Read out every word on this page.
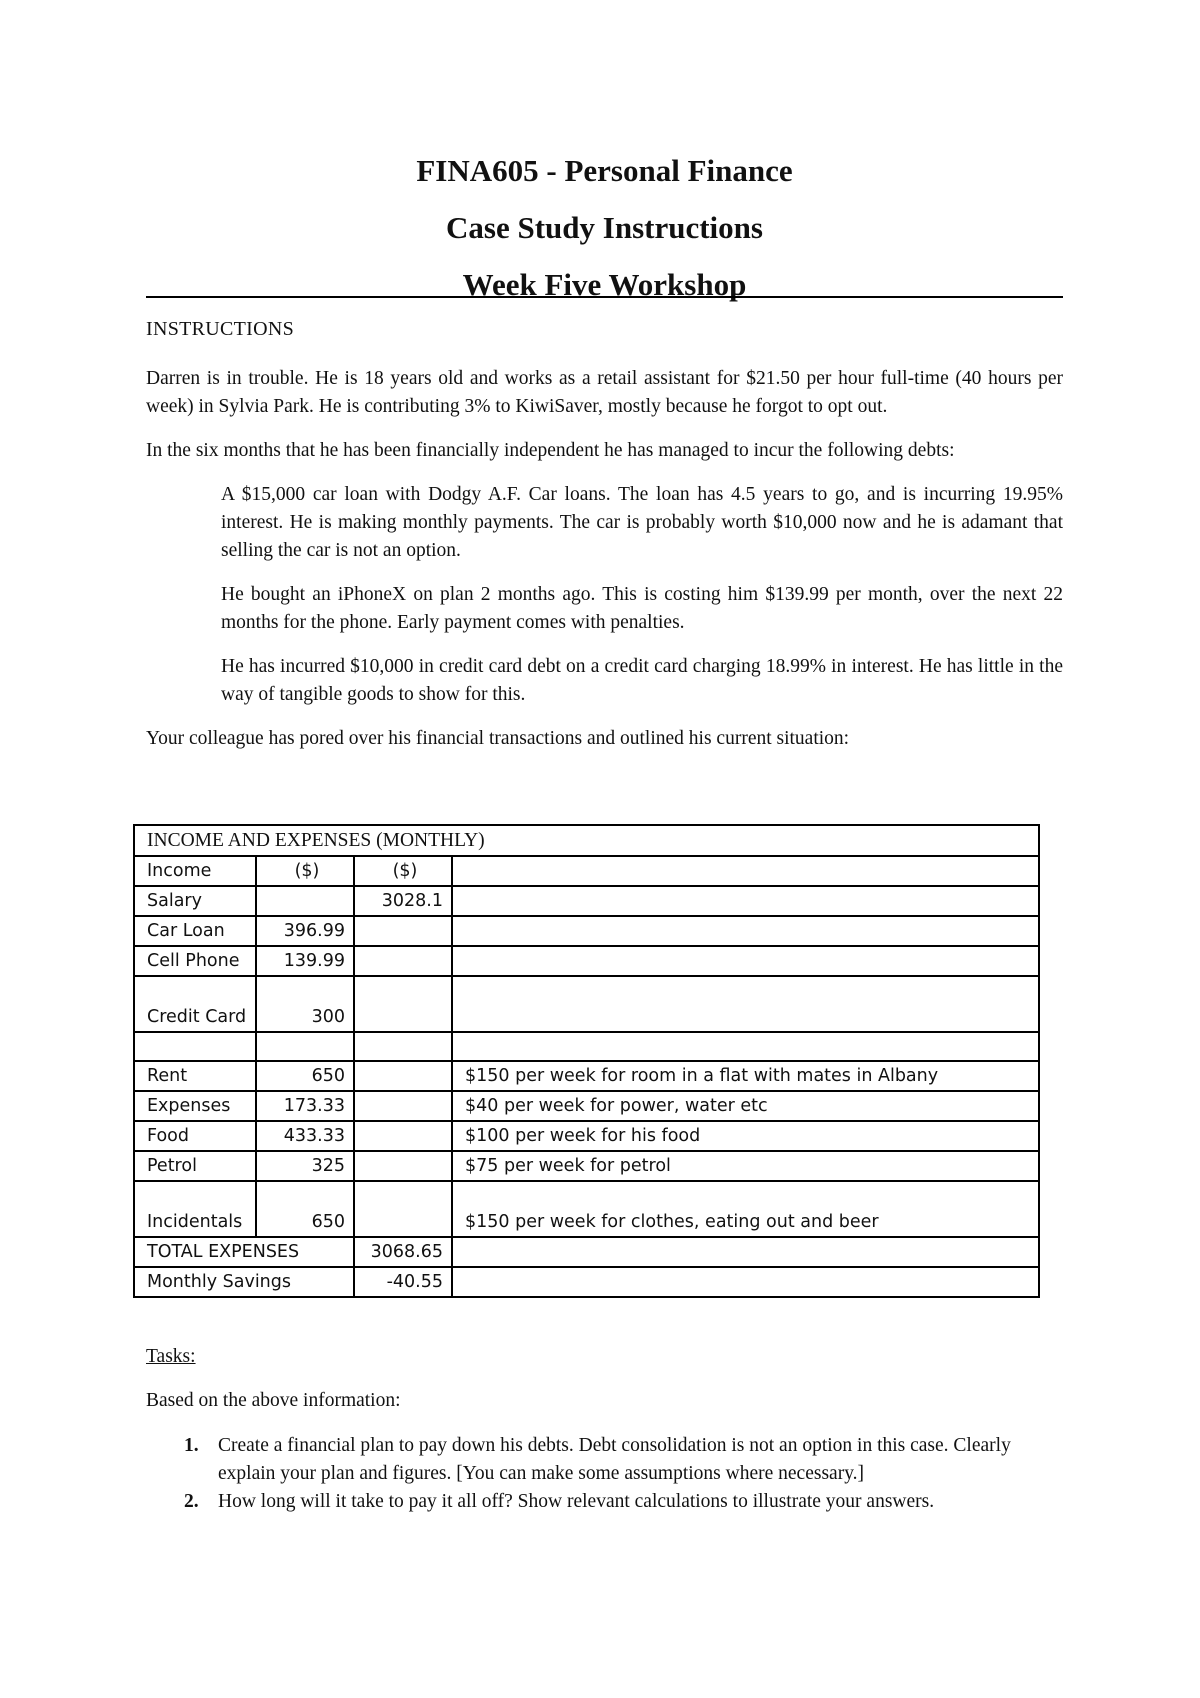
FINA605 - Personal Finance

Case Study Instructions

Week Five Workshop

INSTRUCTIONS

Darren is in trouble. He is 18 years old and works as a retail assistant for $21.50 per hour full-time (40 hours per week) in Sylvia Park. He is contributing 3% to KiwiSaver, mostly because he forgot to opt out.

In the six months that he has been financially independent he has managed to incur the following debts:

A $15,000 car loan with Dodgy A.F. Car loans. The loan has 4.5 years to go, and is incurring 19.95% interest. He is making monthly payments. The car is probably worth $10,000 now and he is adamant that selling the car is not an option.

He bought an iPhoneX on plan 2 months ago. This is costing him $139.99 per month, over the next 22 months for the phone. Early payment comes with penalties.

He has incurred $10,000 in credit card debt on a credit card charging 18.99% in interest. He has little in the way of tangible goods to show for this.

Your colleague has pored over his financial transactions and outlined his current situation:

INCOME AND EXPENSES (MONTHLY)			
Income	($)	($)	
Salary		3028.1	
Car Loan	396.99		
Cell Phone	139.99		

Credit Card	300		

Rent	650		$150 per week for room in a flat with mates in Albany
Expenses	173.33		$40 per week for power, water etc
Food	433.33		$100 per week for his food
Petrol	325		$75 per week for petrol

Incidentals	650		$150 per week for clothes, eating out and beer
TOTAL EXPENSES		3068.65	
Monthly Savings		-40.55	
Tasks:
Based on the above information:
1. Create a financial plan to pay down his debts. Debt consolidation is not an option in this case. Clearly explain your plan and figures. [You can make some assumptions where necessary.]
2. How long will it take to pay it all off? Show relevant calculations to illustrate your answers.
